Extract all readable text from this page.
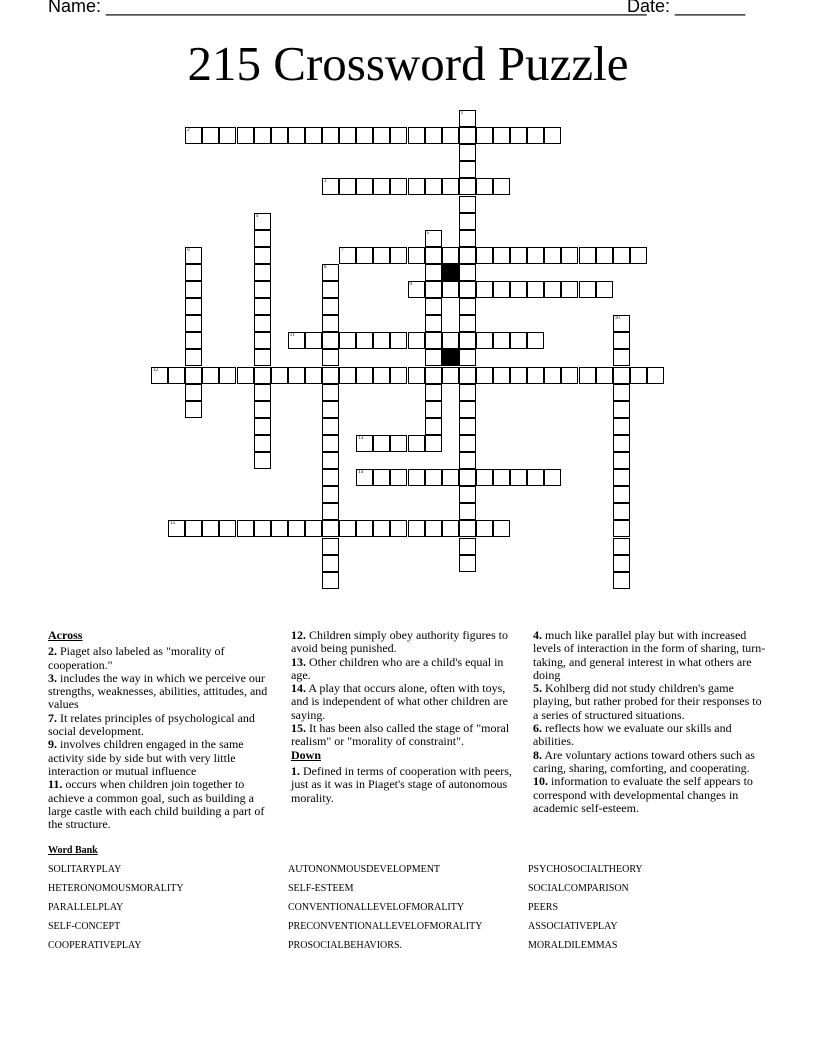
Name: ______________________________________________________
Date: _______
215 Crossword Puzzle
1
2
3
4
5
6	7
8
9
10
11
12
13
14
15
Across

2. Piaget also labeled as "morality of cooperation."

3. includes the way in which we perceive our strengths, weaknesses, abilities, attitudes, and values

7. It relates principles of psychological and social development.

9. involves children engaged in the same activity side by side but with very little interaction or mutual influence

11. occurs when children join together to achieve a common goal, such as building a large castle with each child building a part of the structure.

12. Children simply obey authority figures to avoid being punished.

13. Other children who are a child's equal in age.

14. A play that occurs alone, often with toys, and is independent of what other children are saying.

15. It has been also called the stage of "moral realism" or "morality of constraint".

Down

1. Defined in terms of cooperation with peers, just as it was in Piaget's stage of autonomous morality.

4. much like parallel play but with increased levels of interaction in the form of sharing, turn-taking, and general interest in what others are doing

5. Kohlberg did not study children's game playing, but rather probed for their responses to a series of structured situations.

6. reflects how we evaluate our skills and abilities.

8. Are voluntary actions toward others such as caring, sharing, comforting, and cooperating.

10. information to evaluate the self appears to correspond with developmental changes in academic self-esteem.

Word Bank
SOLITARYPLAY
HETERONOMOUSMORALITY
PARALLELPLAY
SELF-CONCEPT
COOPERATIVEPLAY
AUTONONMOUSDEVELOPMENT
SELF-ESTEEM
CONVENTIONALLEVELOFMORALITY
PRECONVENTIONALLEVELOFMORALITY
PROSOCIALBEHAVIORS.
PSYCHOSOCIALTHEORY
SOCIALCOMPARISON
PEERS
ASSOCIATIVEPLAY
MORALDILEMMAS
